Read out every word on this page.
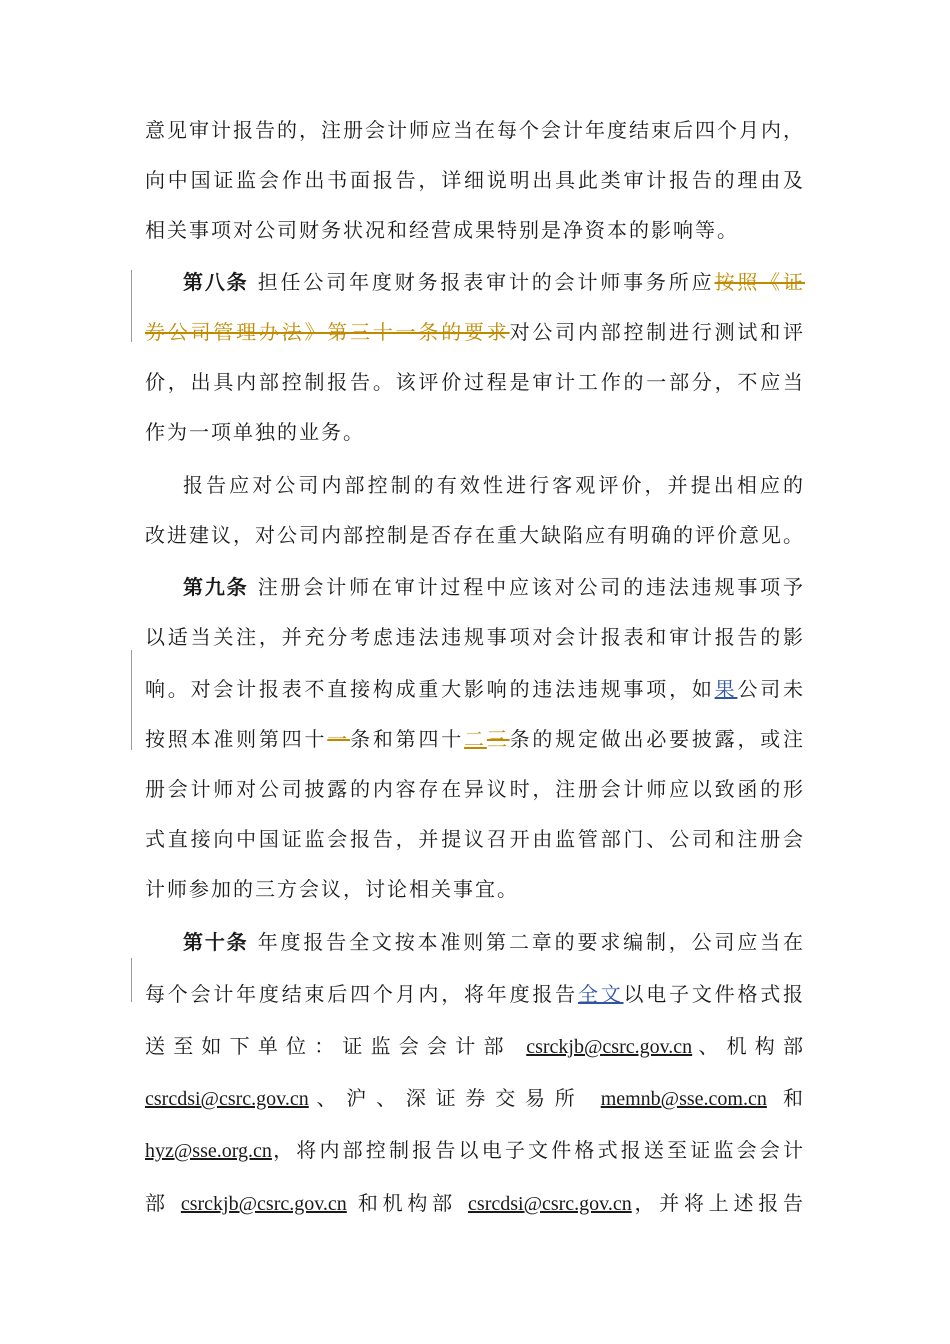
意见审计报告的，注册会计师应当在每个会计年度结束后四个月内，
向中国证监会作出书面报告，详细说明出具此类审计报告的理由及
相关事项对公司财务状况和经营成果特别是净资本的影响等。
第八条 担任公司年度财务报表审计的会计师事务所应按照《证
券公司管理办法》第三十一条的要求对公司内部控制进行测试和评
价，出具内部控制报告。该评价过程是审计工作的一部分，不应当
作为一项单独的业务。
报告应对公司内部控制的有效性进行客观评价，并提出相应的
改进建议，对公司内部控制是否存在重大缺陷应有明确的评价意见。
第九条 注册会计师在审计过程中应该对公司的违法违规事项予
以适当关注，并充分考虑违法违规事项对会计报表和审计报告的影
响。对会计报表不直接构成重大影响的违法违规事项，如果公司未
按照本准则第四十一条和第四十二三条的规定做出必要披露，或注
册会计师对公司披露的内容存在异议时，注册会计师应以致函的形
式直接向中国证监会报告，并提议召开由监管部门、公司和注册会
计师参加的三方会议，讨论相关事宜。
第十条 年度报告全文按本准则第二章的要求编制，公司应当在
每个会计年度结束后四个月内，将年度报告全文以电子文件格式报
送至如下单位：证监会会计部 csrckjb@csrc.gov.cn、机构部
csrcdsi@csrc.gov.cn、沪、深证券交易所 memnb@sse.com.cn 和
hyz@sse.org.cn，将内部控制报告以电子文件格式报送至证监会会计
部 csrckjb@csrc.gov.cn 和机构部 csrcdsi@csrc.gov.cn，并将上述报告
